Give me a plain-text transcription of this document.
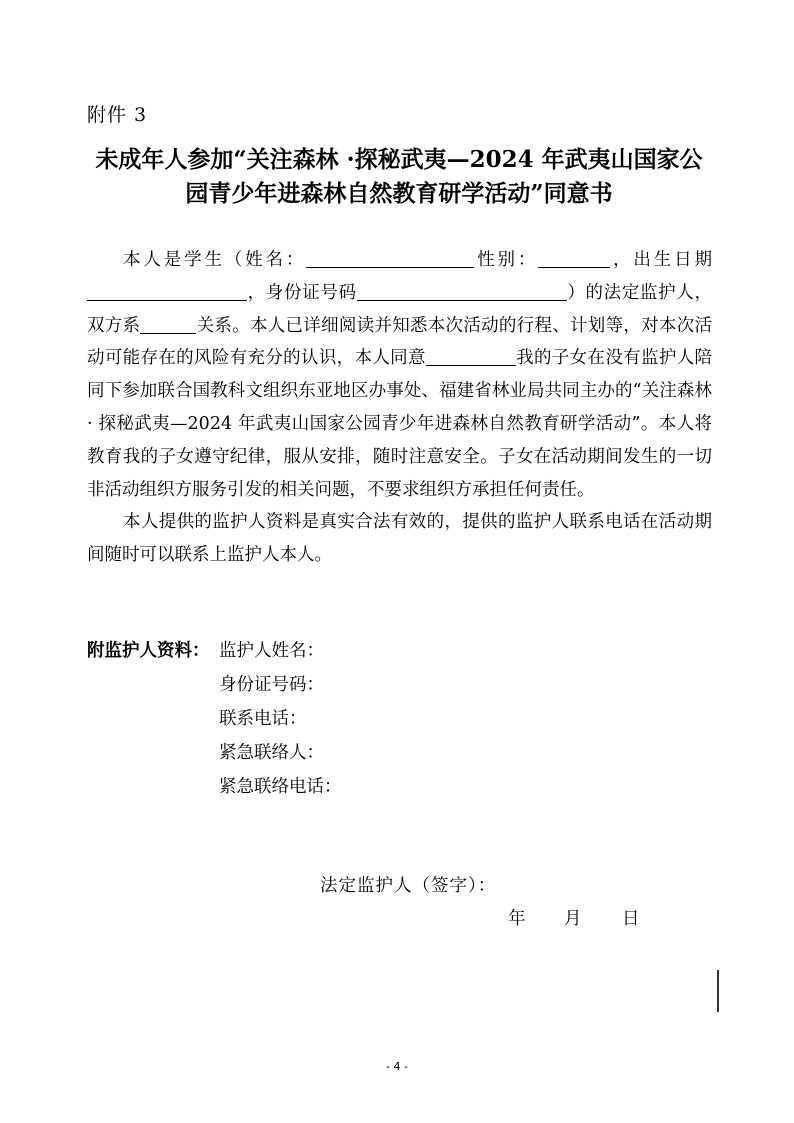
附件 3
未成年人参加“关注森林 ·探秘武夷—2024 年武夷山国家公
园青少年进森林自然教育研学活动”同意书

本人是学生（姓名：	性别：	，出生日期，身份证号码	）的法定监护人，双方系	关系。本人已详细阅读并知悉本次活动的行程、计划等，对本次活动可能存在的风险有充分的认识，本人同意	我的子女在没有监护人陪同下参加联合国教科文组织东亚地区办事处、福建省林业局共同主办的“关注森林 · 探秘武夷—2024 年武夷山国家公园青少年进森林自然教育研学活动”。本人将教育我的子女遵守纪律，服从安排，随时注意安全。子女在活动期间发生的一切非活动组织方服务引发的相关问题，不要求组织方承担任何责任。

本人提供的监护人资料是真实合法有效的，提供的监护人联系电话在活动期间随时可以联系上监护人本人。

附监护人资料： 监护人姓名：
身份证号码：
联系电话：
紧急联络人：
紧急联络电话：
法定监护人（签字）：
年 月 日
- 4 -
